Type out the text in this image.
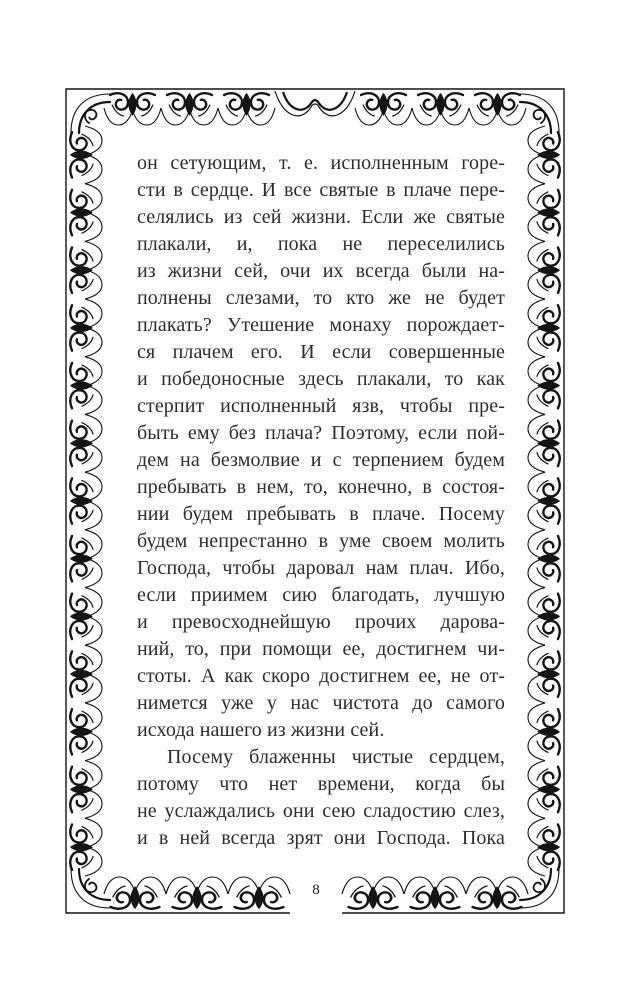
он сетующим, т. е. исполненным горе-
сти в сердце. И все святые в плаче пере-
селялись из сей жизни. Если же святые
плакали, и, пока не переселились
из жизни сей, очи их всегда были на-
полнены слезами, то кто же не будет
плакать? Утешение монаху порождает-
ся плачем его. И если совершенные
и победоносные здесь плакали, то как
стерпит исполненный язв, чтобы пре-
быть ему без плача? Поэтому, если пой-
дем на безмолвие и с терпением будем
пребывать в нем, то, конечно, в состоя-
нии будем пребывать в плаче. Посему
будем непрестанно в уме своем молить
Господа, чтобы даровал нам плач. Ибо,
если приимем сию благодать, лучшую
и превосходнейшую прочих дарова-
ний, то, при помощи ее, достигнем чи-
стоты. А как скоро достигнем ее, не от-
нимется уже у нас чистота до самого
исхода нашего из жизни сей.
Посему блаженны чистые сердцем,
потому что нет времени, когда бы
не услаждались они сею сладостию слез,
и в ней всегда зрят они Господа. Пока
8
